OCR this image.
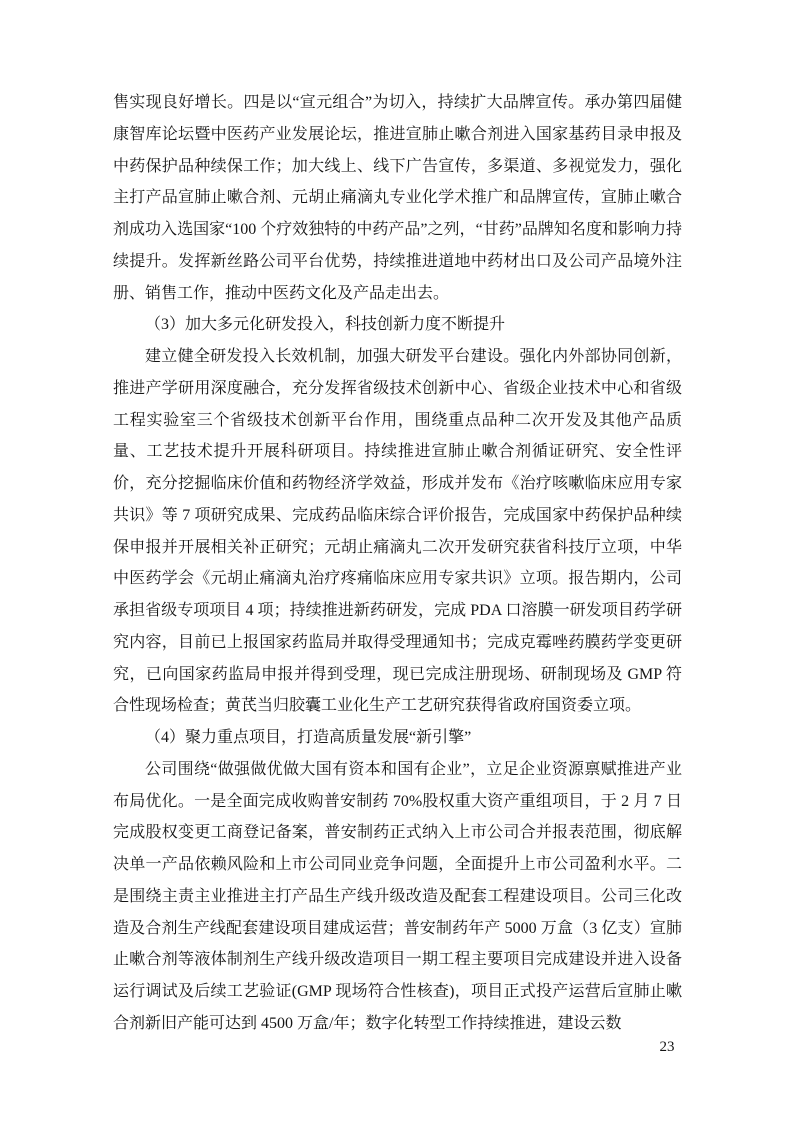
售实现良好增长。四是以“宣元组合”为切入，持续扩大品牌宣传。承办第四届健康智库论坛暨中医药产业发展论坛，推进宣肺止嗽合剂进入国家基药目录申报及中药保护品种续保工作；加大线上、线下广告宣传，多渠道、多视觉发力，强化主打产品宣肺止嗽合剂、元胡止痛滴丸专业化学术推广和品牌宣传，宣肺止嗽合剂成功入选国家“100 个疗效独特的中药产品”之列，“甘药”品牌知名度和影响力持续提升。发挥新丝路公司平台优势，持续推进道地中药材出口及公司产品境外注册、销售工作，推动中医药文化及产品走出去。

（3）加大多元化研发投入，科技创新力度不断提升

建立健全研发投入长效机制，加强大研发平台建设。强化内外部协同创新，推进产学研用深度融合，充分发挥省级技术创新中心、省级企业技术中心和省级工程实验室三个省级技术创新平台作用，围绕重点品种二次开发及其他产品质量、工艺技术提升开展科研项目。持续推进宣肺止嗽合剂循证研究、安全性评价，充分挖掘临床价值和药物经济学效益，形成并发布《治疗咳嗽临床应用专家共识》等 7 项研究成果、完成药品临床综合评价报告，完成国家中药保护品种续保申报并开展相关补正研究；元胡止痛滴丸二次开发研究获省科技厅立项，中华中医药学会《元胡止痛滴丸治疗疼痛临床应用专家共识》立项。报告期内，公司承担省级专项项目 4 项；持续推进新药研发，完成 PDA 口溶膜一研发项目药学研究内容，目前已上报国家药监局并取得受理通知书；完成克霉唑药膜药学变更研究，已向国家药监局申报并得到受理，现已完成注册现场、研制现场及 GMP 符合性现场检查；黄芪当归胶囊工业化生产工艺研究获得省政府国资委立项。

（4）聚力重点项目，打造高质量发展“新引擎”

公司围绕“做强做优做大国有资本和国有企业”，立足企业资源禀赋推进产业布局优化。一是全面完成收购普安制药 70%股权重大资产重组项目，于 2 月 7 日完成股权变更工商登记备案，普安制药正式纳入上市公司合并报表范围，彻底解决单一产品依赖风险和上市公司同业竞争问题，全面提升上市公司盈利水平。二是围绕主责主业推进主打产品生产线升级改造及配套工程建设项目。公司三化改造及合剂生产线配套建设项目建成运营；普安制药年产 5000 万盒（3 亿支）宣肺止嗽合剂等液体制剂生产线升级改造项目一期工程主要项目完成建设并进入设备运行调试及后续工艺验证(GMP 现场符合性核查)，项目正式投产运营后宣肺止嗽合剂新旧产能可达到 4500 万盒/年；数字化转型工作持续推进，建设云数

23
